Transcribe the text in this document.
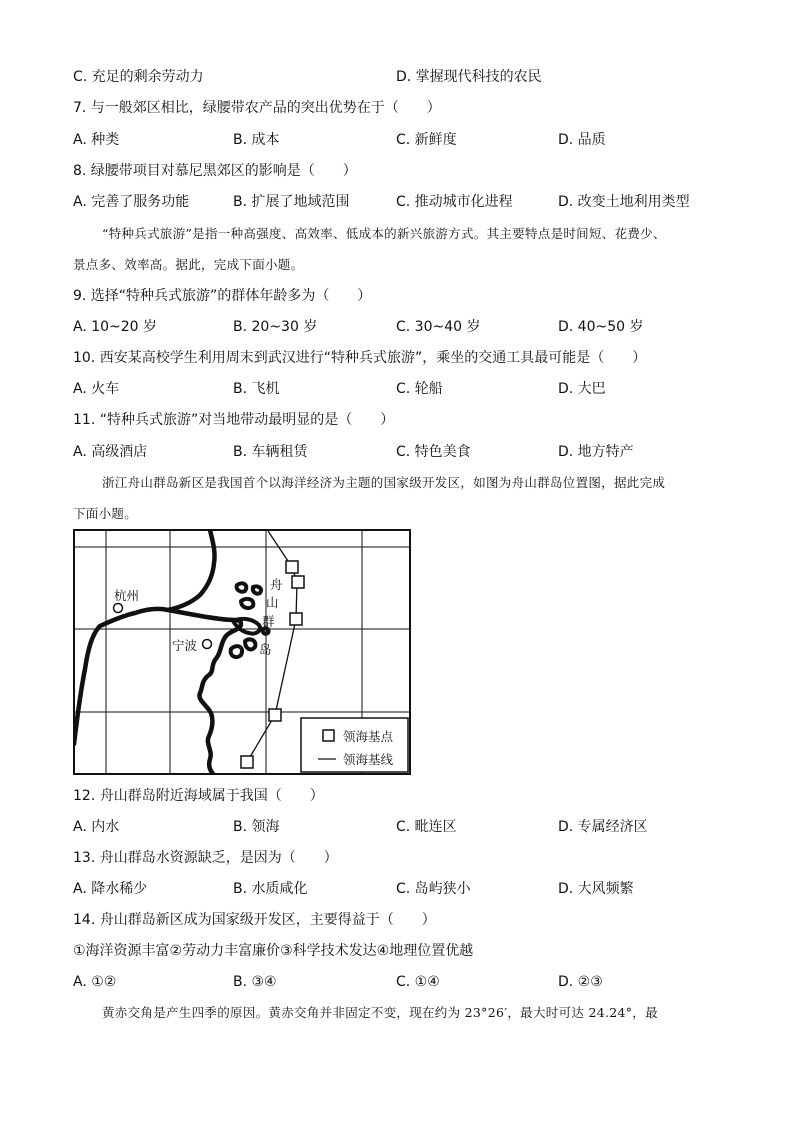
C. 充足的剩余劳动力	D. 掌握现代科技的农民
7. 与一般郊区相比，绿腰带农产品的突出优势在于（　　）
A. 种类	B. 成本	C. 新鲜度	D. 品质
8. 绿腰带项目对慕尼黑郊区的影响是（　　）
A. 完善了服务功能	B. 扩展了地域范围	C. 推动城市化进程	D. 改变土地利用类型
“特种兵式旅游”是指一种高强度、高效率、低成本的新兴旅游方式。其主要特点是时间短、花费少、
景点多、效率高。据此，完成下面小题。
9. 选择“特种兵式旅游”的群体年龄多为（　　）
A. 10~20 岁	B. 20~30 岁	C. 30~40 岁	D. 40~50 岁
10. 西安某高校学生利用周末到武汉进行“特种兵式旅游”，乘坐的交通工具最可能是（　　）
A. 火车	B. 飞机	C. 轮船	D. 大巴
11. “特种兵式旅游”对当地带动最明显的是（　　）
A. 高级酒店	B. 车辆租赁	C. 特色美食	D. 地方特产
浙江舟山群岛新区是我国首个以海洋经济为主题的国家级开发区，如图为舟山群岛位置图，据此完成
下面小题。
12. 舟山群岛附近海域属于我国（　　）
A. 内水	B. 领海	C. 毗连区	D. 专属经济区
13. 舟山群岛水资源缺乏，是因为（　　）
A. 降水稀少	B. 水质咸化	C. 岛屿狭小	D. 大风频繁
14. 舟山群岛新区成为国家级开发区，主要得益于（　　）
①海洋资源丰富②劳动力丰富廉价③科学技术发达④地理位置优越
A. ①②	B. ③④	C. ①④	D. ②③
黄赤交角是产生四季的原因。黄赤交角并非固定不变，现在约为 23°26′，最大时可达 24.24°，最
杭州
宁波
舟
山
群
岛
领海基点
领海基线
